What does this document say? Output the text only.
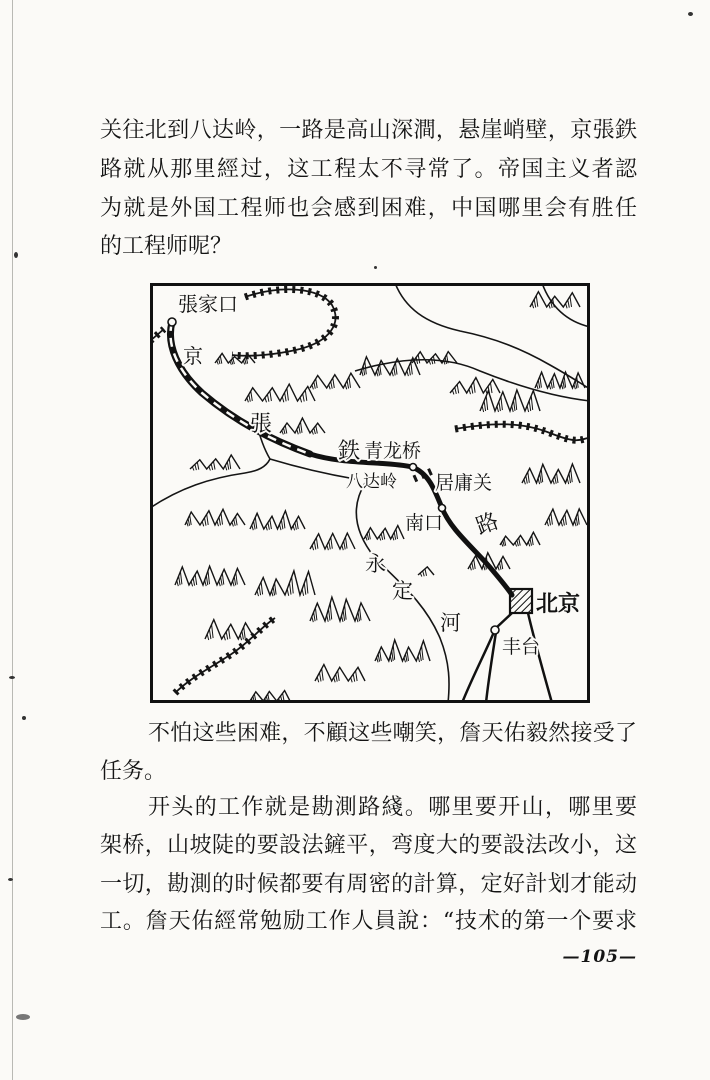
关往北到八达岭，一路是高山深澗，悬崖峭壁，京張鉄
路就从那里經过，这工程太不寻常了。帝国主义者認
为就是外国工程师也会感到困难，中国哪里会有胜任
的工程师呢？
張家口
京
張
鉄 青龙桥
八达岭 居庸关
南口 路
永
定
河
北京
丰台
不怕这些困难，不顧这些嘲笑，詹天佑毅然接受了
任务。
开头的工作就是勘測路綫。哪里要开山，哪里要
架桥，山坡陡的要設法鏟平，弯度大的要設法改小，这
一切，勘測的时候都要有周密的計算，定好計划才能动
工。詹天佑經常勉励工作人員說：“技术的第一个要求
—105—
